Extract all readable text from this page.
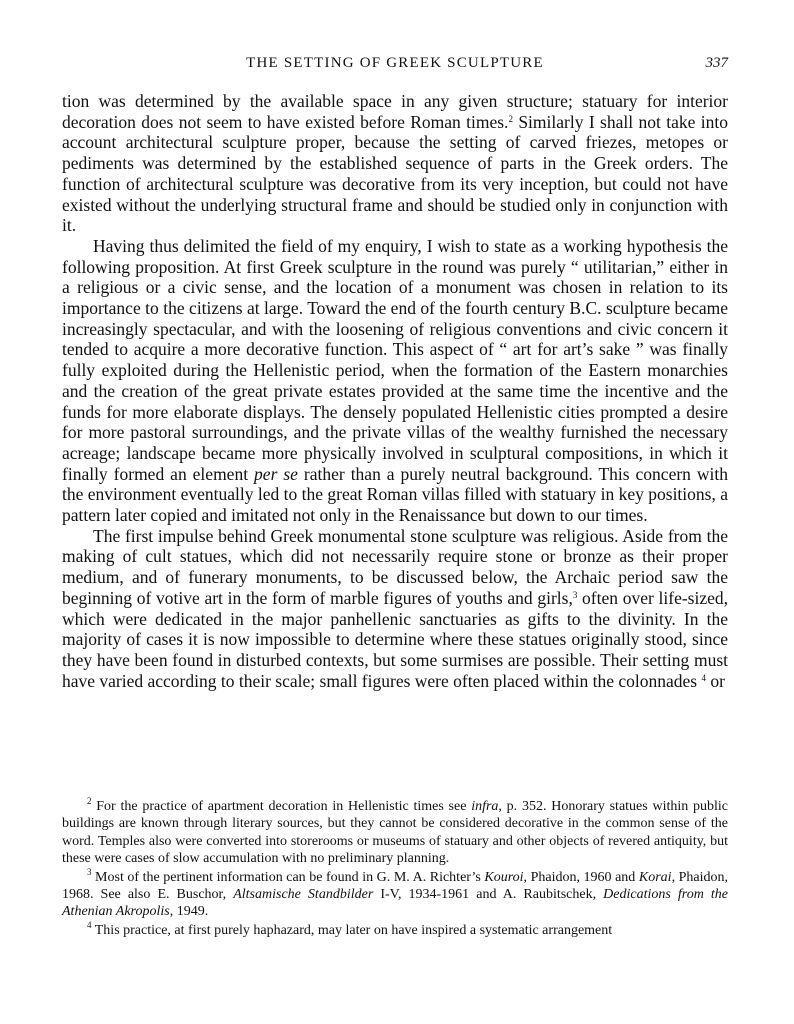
THE SETTING OF GREEK SCULPTURE	337

tion was determined by the available space in any given structure; statuary for interior decoration does not seem to have existed before Roman times.$^2$ Similarly I shall not take into account architectural sculpture proper, because the setting of carved friezes, metopes or pediments was determined by the established sequence of parts in the Greek orders. The function of architectural sculpture was decorative from its very inception, but could not have existed without the underlying structural frame and should be studied only in conjunction with it.

Having thus delimited the field of my enquiry, I wish to state as a working hypothesis the following proposition. At first Greek sculpture in the round was purely “ utilitarian,” either in a religious or a civic sense, and the location of a monument was chosen in relation to its importance to the citizens at large. Toward the end of the fourth century B.C. sculpture became increasingly spectacular, and with the loosening of religious conventions and civic concern it tended to acquire a more decorative function. This aspect of “ art for art’s sake ” was finally fully exploited during the Hellenistic period, when the formation of the Eastern monarchies and the creation of the great private estates provided at the same time the incentive and the funds for more elaborate displays. The densely populated Hellenistic cities prompted a desire for more pastoral surroundings, and the private villas of the wealthy furnished the necessary acreage; landscape became more physically involved in sculptural compositions, in which it finally formed an element per se rather than a purely neutral background. This concern with the environment eventually led to the great Roman villas filled with statuary in key positions, a pattern later copied and imitated not only in the Renaissance but down to our times.

The first impulse behind Greek monumental stone sculpture was religious. Aside from the making of cult statues, which did not necessarily require stone or bronze as their proper medium, and of funerary monuments, to be discussed below, the Archaic period saw the beginning of votive art in the form of marble figures of youths and girls,$^3$ often over life-sized, which were dedicated in the major panhellenic sanctuaries as gifts to the divinity. In the majority of cases it is now impossible to determine where these statues originally stood, since they have been found in disturbed contexts, but some surmises are possible. Their setting must have varied according to their scale; small figures were often placed within the colonnades $^4$ or

$^2$ For the practice of apartment decoration in Hellenistic times see infra, p. 352. Honorary statues within public buildings are known through literary sources, but they cannot be considered decorative in the common sense of the word. Temples also were converted into storerooms or museums of statuary and other objects of revered antiquity, but these were cases of slow accumulation with no preliminary planning.

$^3$ Most of the pertinent information can be found in G. M. A. Richter’s Kouroi, Phaidon, 1960 and Korai, Phaidon, 1968. See also E. Buschor, Altsamische Standbilder I-V, 1934-1961 and A. Raubitschek, Dedications from the Athenian Akropolis, 1949.

$^4$ This practice, at first purely haphazard, may later on have inspired a systematic arrangement
